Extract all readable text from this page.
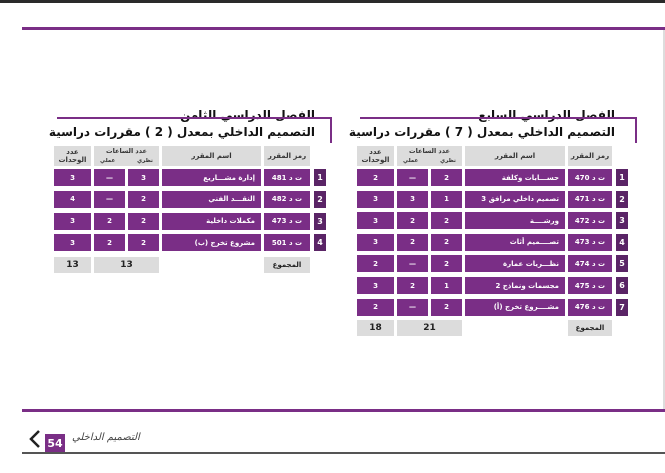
الفصل الدراسي السابع
التصميم الداخلي بمعدل ( 7 ) مقررات دراسية
رمز المقرر
اسم المقرر
عدد الساعات
نظري
عملي
عدد الوحدات
1
ت د 470
حســـابات وكلفة
2
—
2
2
ت د 471
تصميم داخلي مرافق 3
1
3
3
3
ت د 472
ورشــــة
2
2
3
4
ت د 473
تصــــميم أثاث
2
2
3
5
ت د 474
نظـــريات عمارة
2
—
2
6
ت د 475
مجسمات ونماذج 2
1
2
3
7
ت د 476
مشــــروع تخرج (أ)
2
—
2
المجموع
21
18
الفصل الدراسي الثامن
التصميم الداخلي بمعدل ( 2 ) مقررات دراسية
رمز المقرر
اسم المقرر
عدد الساعات
نظري
عملي
عدد الوحدات
1
ت د 481
إدارة مشـــاريع
3
—
3
2
ت د 482
النقـــد الفني
2
—
4
3
ت د 473
مكملات داخلية
2
2
3
4
ت د 501
مشروع تخرج (ب)
2
2
3
المجموع
13
13
54 التصميم الداخلي
